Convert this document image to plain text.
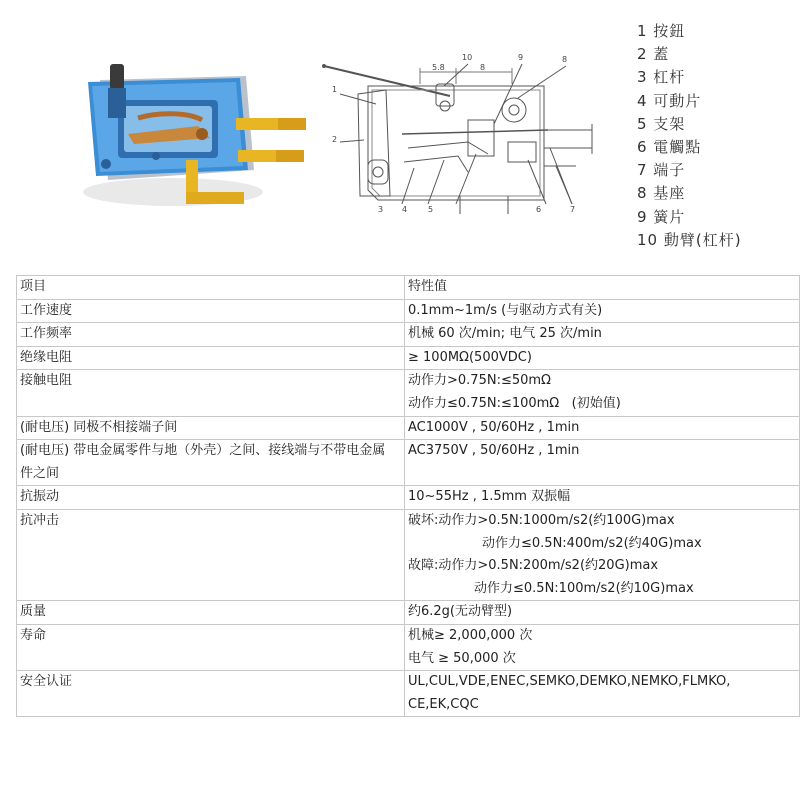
1
2
3 4	5	6	7
8
9
10
5.8	8
1 按鈕
2 蓋
3 杠杆
4 可動片
5 支架
6 電觸點
7 端子
8 基座
9 簧片
10 動臂(杠杆)
项目	特性值
工作速度	0.1mm~1m/s (与驱动方式有关)
工作频率	机械 60 次/min; 电气 25 次/min
绝缘电阻	≥ 100MΩ(500VDC)
接触电阻	动作力>0.75N:≤50mΩ
动作力≤0.75N:≤100mΩ (初始值)

(耐电压) 同极不相接端子间	AC1000V , 50/60Hz , 1min

(耐电压) 带电金属零件与地（外壳）之间、接线端与不带电金属
件之间	AC3750V , 50/60Hz , 1min
抗振动	10~55Hz , 1.5mm 双振幅
抗冲击	破坏:动作力>0.5N:1000m/s2(约100G)max
动作力≤0.5N:400m/s2(约40G)max
故障:动作力>0.5N:200m/s2(约20G)max
动作力≤0.5N:100m/s2(约10G)max

质量	约6.2g(无动臂型)
寿命	机械≥ 2,000,000 次
电气 ≥ 50,000 次

安全认证	UL,CUL,VDE,ENEC,SEMKO,DEMKO,NEMKO,FLMKO,
CE,EK,CQC
